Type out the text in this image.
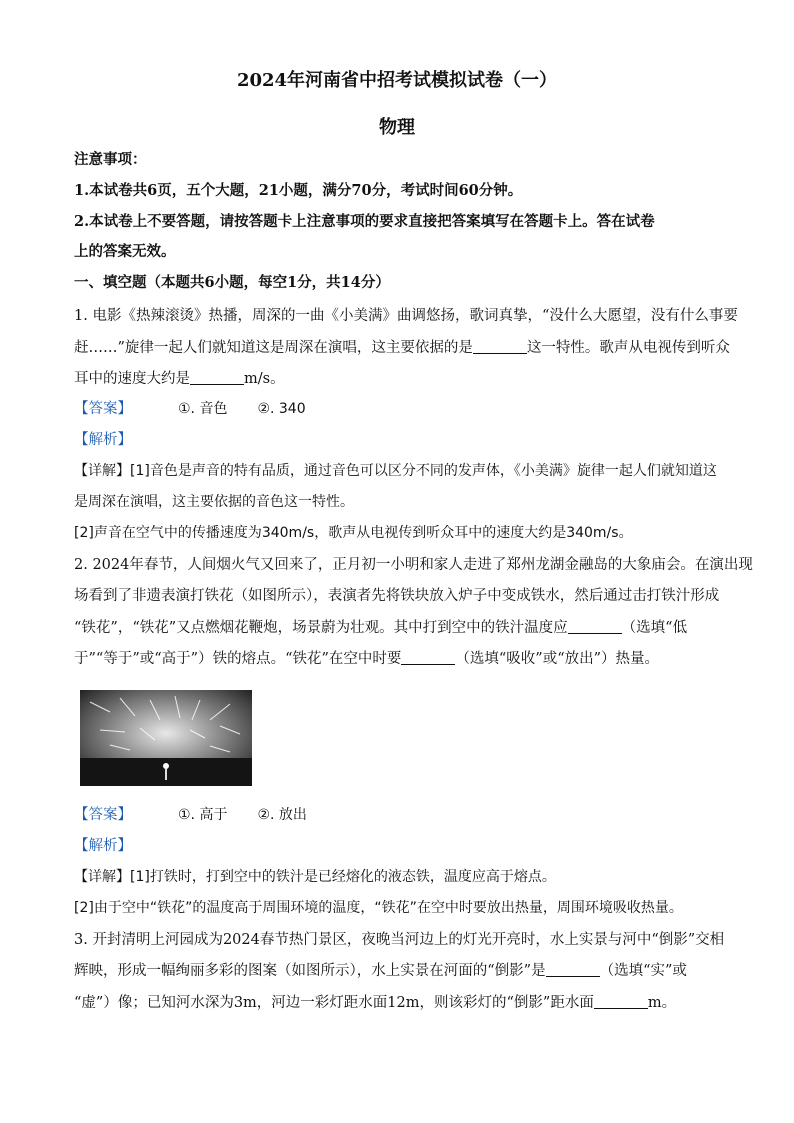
2024年河南省中招考试模拟试卷（一）
物理
注意事项：
1.本试卷共6页，五个大题，21小题，满分70分，考试时间60分钟。
2.本试卷上不要答题，请按答题卡上注意事项的要求直接把答案填写在答题卡上。答在试卷
上的答案无效。
一、填空题（本题共6小题，每空1分，共14分）
1. 电影《热辣滚烫》热播，周深的一曲《小美满》曲调悠扬，歌词真挚，“没什么大愿望，没有什么事要
赶……”旋律一起人们就知道这是周深在演唱，这主要依据的是	这一特性。歌声从电视传到听众
耳中的速度大约是	m/s。
【答案】	①. 音色 ②. 340
【解析】
【详解】[1]音色是声音的特有品质，通过音色可以区分不同的发声体，《小美满》旋律一起人们就知道这
是周深在演唱，这主要依据的音色这一特性。
[2]声音在空气中的传播速度为340m/s，歌声从电视传到听众耳中的速度大约是340m/s。
2. 2024年春节，人间烟火气又回来了，正月初一小明和家人走进了郑州龙湖金融岛的大象庙会。在演出现
场看到了非遗表演打铁花（如图所示），表演者先将铁块放入炉子中变成铁水，然后通过击打铁汁形成
“铁花”，“铁花”又点燃烟花鞭炮，场景蔚为壮观。其中打到空中的铁汁温度应	（选填“低
于”“等于”或“高于”）铁的熔点。“铁花”在空中时要	（选填“吸收”或“放出”）热量。
【答案】	①. 高于 ②. 放出
【解析】
【详解】[1]打铁时，打到空中的铁汁是已经熔化的液态铁，温度应高于熔点。
[2]由于空中“铁花”的温度高于周围环境的温度，“铁花”在空中时要放出热量，周围环境吸收热量。
3. 开封清明上河园成为2024春节热门景区，夜晚当河边上的灯光开亮时，水上实景与河中“倒影”交相
辉映，形成一幅绚丽多彩的图案（如图所示），水上实景在河面的“倒影”是	（选填“实”或
“虚”）像；已知河水深为3m，河边一彩灯距水面12m，则该彩灯的“倒影”距水面	m。
